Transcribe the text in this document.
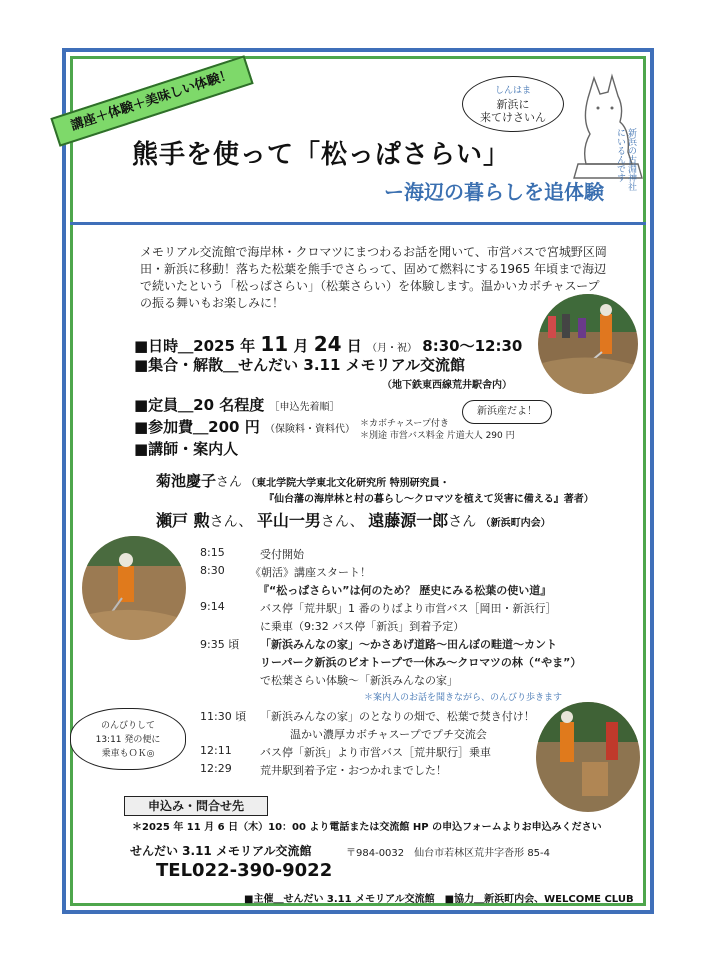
講座＋体験＋美味しい体験！
熊手を使って「松っぱさらい」
ー海辺の暮らしを追体験
しんはま
新浜に
来てけさいん
新浜の古淵神社にいるんです
メモリアル交流館で海岸林・クロマツにまつわるお話を聞いて、市営バスで宮城野区岡田・新浜に移動！落ちた松葉を熊手でさらって、固めて燃料にする1965 年頃まで海辺で続いたという「松っぱさらい」（松葉さらい）を体験します。温かいカボチャスープの振る舞いもお楽しみに！
■日時＿2025 年 11 月 24 日 （月・祝） 8:30〜12:30
■集合・解散＿せんだい 3.11 メモリアル交流館
（地下鉄東西線荒井駅舎内）
■定員＿20 名程度 ［申込先着順］
■参加費＿200 円 （保険料・資料代） ＊カボチャスープ付き
＊別途 市営バス料金 片道大人 290 円
■講師・案内人
新浜産だよ！
菊池慶子さん （東北学院大学東北文化研究所 特別研究員・
『仙台藩の海岸林と村の暮らし〜クロマツを植えて災害に備える』著者）
瀬戸 勲さん、 平山一男さん、 遠藤源一郎さん （新浜町内会）
8:15	受付開始
8:30 《朝活》講座スタート！
『“松っぱさらい”は何のため？ 歴史にみる松葉の使い道』
9:14	バス停「荒井駅」1 番のりばより市営バス［岡田・新浜行］
に乗車（9:32 バス停「新浜」到着予定）
9:35 頃 「新浜みんなの家」〜かさあげ道路〜田んぼの畦道〜カント
リーパーク新浜のビオトープで一休み〜クロマツの林（“やま”）
で松葉さらい体験〜「新浜みんなの家」
＊案内人のお話を聞きながら、のんびり歩きます
11:30 頃 「新浜みんなの家」のとなりの畑で、松葉で焚き付け！
温かい濃厚カボチャスープでプチ交流会
12:11	バス停「新浜」より市営バス［荒井駅行］乗車
12:29	荒井駅到着予定・おつかれまでした！
のんびりして
13:11 発の便に
乗車もＯＫ◎
申込み・問合せ先
＊2025 年 11 月 6 日（木）10：00 より電話または交流館 HP の申込フォームよりお申込みください
せんだい 3.11 メモリアル交流館	〒984-0032　仙台市若林区荒井字沓形 85-4
TEL022-390-9022
■主催＿せんだい 3.11 メモリアル交流館　■協力＿新浜町内会、WELCOME CLUB
